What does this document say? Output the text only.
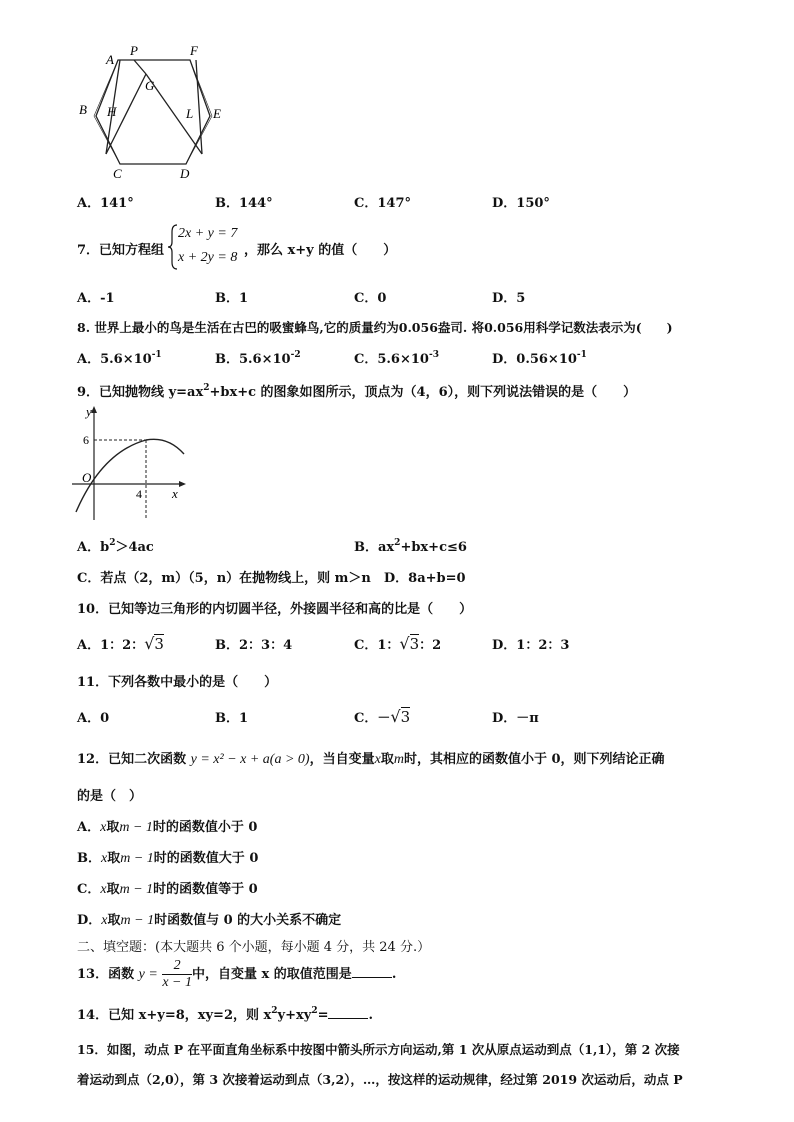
A
P	F
G
B H	L E
C	D
A．141°	B．144°	C．147°	D．150°
7．已知方程组
2x + y = 7
x + 2y = 8 ，那么 x+y 的值（　　）
A．-1	B．1	C．0	D．5
8. 世界上最小的鸟是生活在古巴的吸蜜蜂鸟,它的质量约为0.056盎司. 将0.056用科学记数法表示为(　　)
A．$5.6\times 10^{-1}$	B．$5.6\times 10^{-2}$	C．$5.6\times 10^{-3}$	D．$0.56\times 10^{-1}$
9．已知抛物线 $y=ax^2+bx+c$ 的图象如图所示，顶点为（4，6），则下列说法错误的是（　　）
y
x
O
6
4
A．$b^2>4ac$	B．$ax^2+bx+c\le 6$
C．若点（2，m）（5，n）在抛物线上，则 m＞n　D．8a+b=0
10．已知等边三角形的内切圆半径，外接圆半径和高的比是（　　）
A．1：2：√3	B．2：3：4	C．1：√3：2	D．1：2：3
11．下列各数中最小的是（　　）
A．0	B．1	C．－√3	D．－π
12．已知二次函数 y = x² − x + a(a > 0)，当自变量x取m时，其相应的函数值小于 0，则下列结论正确
的是（　）
A．x取m − 1时的函数值小于 0
B．x取m − 1时的函数值大于 0
C．x取m − 1时的函数值等于 0
D．x取m − 1时函数值与 0 的大小关系不确定
二、填空题：(本大题共 6 个小题，每小题 4 分，共 24 分.）
13．函数 $y = \frac{2}{x - 1}$ 中，自变量 x 的取值范围是	.
14．已知 x+y=8，xy=2，则 $x^2y+xy^2=$	.
15．如图，动点 P 在平面直角坐标系中按图中箭头所示方向运动,第 1 次从原点运动到点（1,1），第 2 次接
着运动到点（2,0），第 3 次接着运动到点（3,2），…，按这样的运动规律，经过第 2019 次运动后，动点 P
